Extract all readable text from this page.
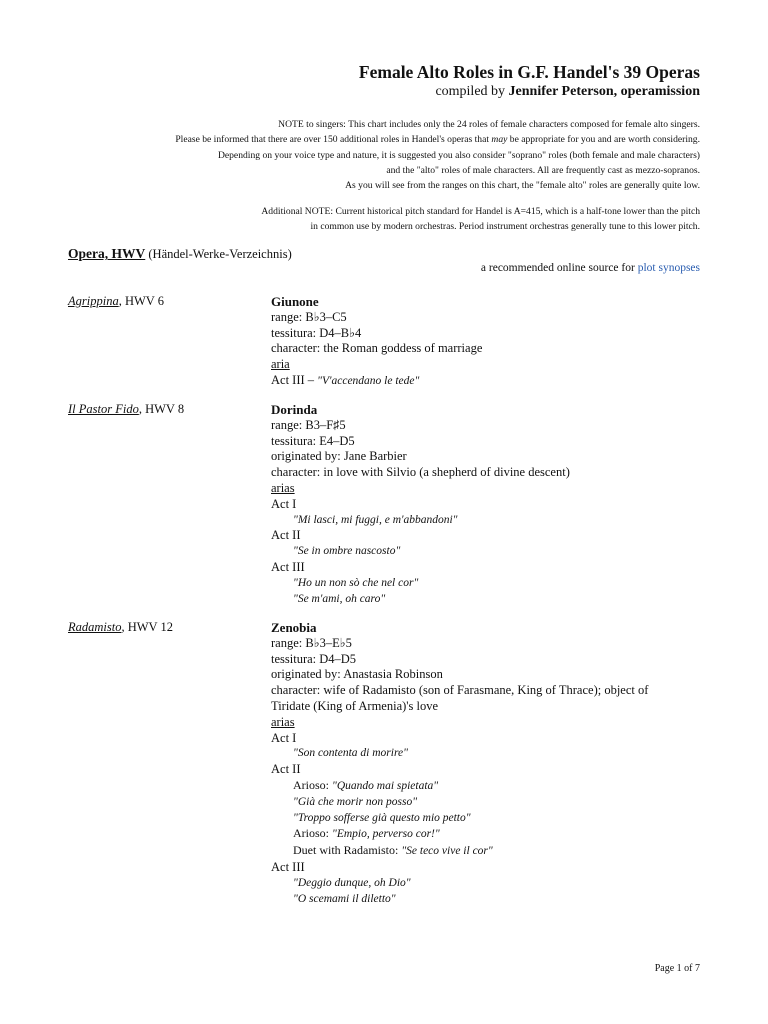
Female Alto Roles in G.F. Handel's 39 Operas
compiled by Jennifer Peterson, operamission
NOTE to singers: This chart includes only the 24 roles of female characters composed for female alto singers.
Please be informed that there are over 150 additional roles in Handel's operas that may be appropriate for you and are worth considering.
Depending on your voice type and nature, it is suggested you also consider "soprano" roles (both female and male characters)
and the "alto" roles of male characters. All are frequently cast as mezzo-sopranos.
As you will see from the ranges on this chart, the "female alto" roles are generally quite low.
Additional NOTE: Current historical pitch standard for Handel is A=415, which is a half-tone lower than the pitch
in common use by modern orchestras. Period instrument orchestras generally tune to this lower pitch.
Opera, HWV (Händel-Werke-Verzeichnis)
a recommended online source for plot synopses
Agrippina, HWV 6	Giunone
range: B♭3–C5
tessitura: D4–B♭4
character: the Roman goddess of marriage
aria
Act III – "V'accendano le tede"
Il Pastor Fido, HWV 8	Dorinda
range: B3–F♯5
tessitura: E4–D5
originated by: Jane Barbier
character: in love with Silvio (a shepherd of divine descent)
arias
Act I
"Mi lasci, mi fuggi, e m'abbandoni"
Act II
"Se in ombre nascosto"
Act III
"Ho un non sò che nel cor"
"Se m'ami, oh caro"
Radamisto, HWV 12	Zenobia
range: B♭3–E♭5
tessitura: D4–D5
originated by: Anastasia Robinson
character: wife of Radamisto (son of Farasmane, King of Thrace); object of
Tiridate (King of Armenia)'s love
arias
Act I
"Son contenta di morire"
Act II
Arioso: "Quando mai spietata"
"Già che morir non posso"
"Troppo sofferse già questo mio petto"
Arioso: "Empio, perverso cor!"
Duet with Radamisto: "Se teco vive il cor"
Act III
"Deggio dunque, oh Dio"
"O scemami il diletto"
Page 1 of 7
